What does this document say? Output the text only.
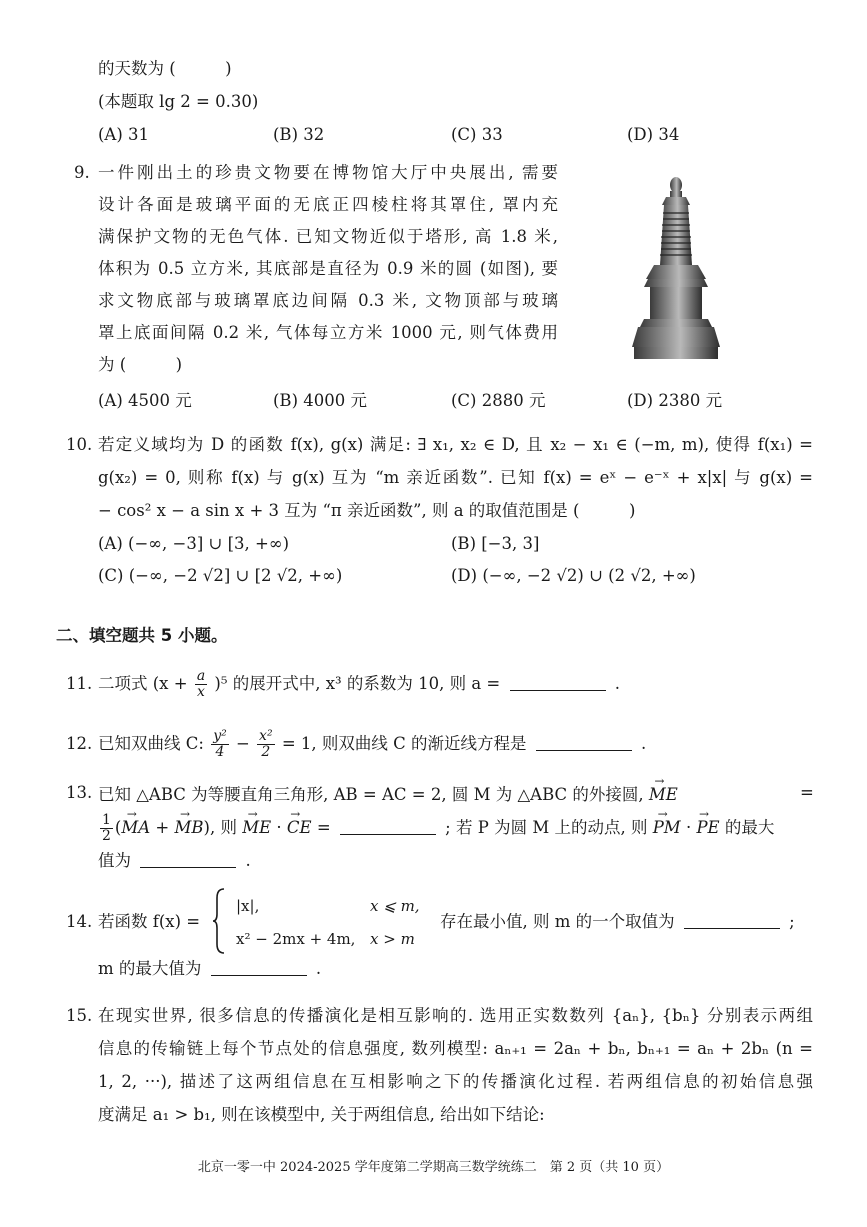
的天数为 (　　　)
(本题取 lg 2 = 0.30)
(A) 31	(B) 32	(C) 33	(D) 34
9. 一件刚出土的珍贵文物要在博物馆大厅中央展出, 需要
设计各面是玻璃平面的无底正四棱柱将其罩住, 罩内充
满保护文物的无色气体. 已知文物近似于塔形, 高 1.8 米,
体积为 0.5 立方米, 其底部是直径为 0.9 米的圆 (如图), 要
求文物底部与玻璃罩底边间隔 0.3 米, 文物顶部与玻璃
罩上底面间隔 0.2 米, 气体每立方米 1000 元, 则气体费用
为 (　　　)
(A) 4500 元	(B) 4000 元	(C) 2880 元	(D) 2380 元
10. 若定义域均为 D 的函数 f(x), g(x) 满足: ∃ x₁, x₂ ∈ D, 且 x₂ − x₁ ∈ (−m, m), 使得 f(x₁) =
g(x₂) = 0, 则称 f(x) 与 g(x) 互为 “m 亲近函数”. 已知 f(x) = eˣ − e⁻ˣ + x|x| 与 g(x) =
− cos² x − a sin x + 3 互为 “π 亲近函数”, 则 a 的取值范围是 (　　　)
(A) (−∞, −3] ∪ [3, +∞)	(B) [−3, 3]
(C) (−∞, −2 √2] ∪ [2 √2, +∞)	(D) (−∞, −2 √2) ∪ (2 √2, +∞)
二、填空题共 5 小题。
11. 二项式 $(x + \frac{a}{x} )^5$ 的展开式中, x³ 的系数为 10, 则 a =	.
12. 已知双曲线 C: $\frac{\text{y²}}{4} - \frac{\text{x²}}{2} = 1$, 则双曲线 C 的渐近线方程是	.
13. 已知 △ABC 为等腰直角三角形, AB = AC = 2, 圆 M 为 △ABC 的外接圆, → ME	=
$\frac{1}{2}$ (→ MA + → MB), 则 → ME · → CE =	; 若 P 为圆 M 上的动点, 则 → PM · → PE 的最大
值为	.
14. 若函数 f(x) =
|x|,	x ⩽ m,
x² − 2mx + 4m, x > m
存在最小值, 则 m 的一个取值为	;
m 的最大值为	.
15. 在现实世界, 很多信息的传播演化是相互影响的. 选用正实数数列 {aₙ}, {bₙ} 分别表示两组
信息的传输链上每个节点处的信息强度, 数列模型: aₙ₊₁ = 2aₙ + bₙ, bₙ₊₁ = aₙ + 2bₙ (n =
1, 2, ···), 描述了这两组信息在互相影响之下的传播演化过程. 若两组信息的初始信息强
度满足 a₁ > b₁, 则在该模型中, 关于两组信息, 给出如下结论:
北京一零一中 2024-2025 学年度第二学期高三数学统练二　第 2 页（共 10 页）
